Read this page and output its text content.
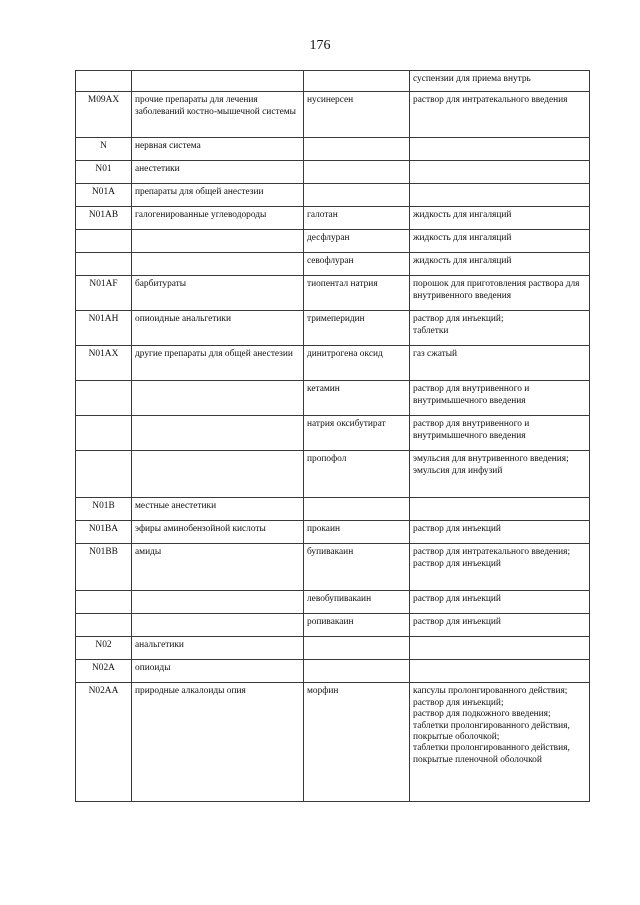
176

			суспензии для приема внутрь

M09AX	прочие препараты для лечения заболеваний костно-мышечной системы	нусинерсен	раствор для интратекального введения

N	нервная система		
N01	анестетики		
N01A	препараты для общей анестезии		
N01AB	галогенированные углеводороды	галотан	жидкость для ингаляций

		десфлуран	жидкость для ингаляций

		севофлуран	жидкость для ингаляций

N01AF	барбитураты	тиопентал натрия	порошок для приготовления раствора для внутривенного введения

N01AH	опиоидные анальгетики	тримеперидин	раствор для инъекций;
таблетки

N01AX	другие препараты для общей анестезии	динитрогена оксид	газ сжатый

		кетамин	раствор для внутривенного и внутримышечного введения

		натрия оксибутират	раствор для внутривенного и внутримышечного введения

		пропофол	эмульсия для внутривенного введения;
эмульсия для инфузий

N01B	местные анестетики		
N01BA	эфиры аминобензойной кислоты	прокаин	раствор для инъекций

N01BB	амиды	бупивакаин	раствор для интратекального введения;
раствор для инъекций

		левобупивакаин	раствор для инъекций

		ропивакаин	раствор для инъекций

N02	анальгетики		
N02A	опиоиды		
N02AA	природные алкалоиды опия	морфин	капсулы пролонгированного действия;
раствор для инъекций;
раствор для подкожного введения;
таблетки пролонгированного действия, покрытые оболочкой;
таблетки пролонгированного действия, покрытые пленочной оболочкой
